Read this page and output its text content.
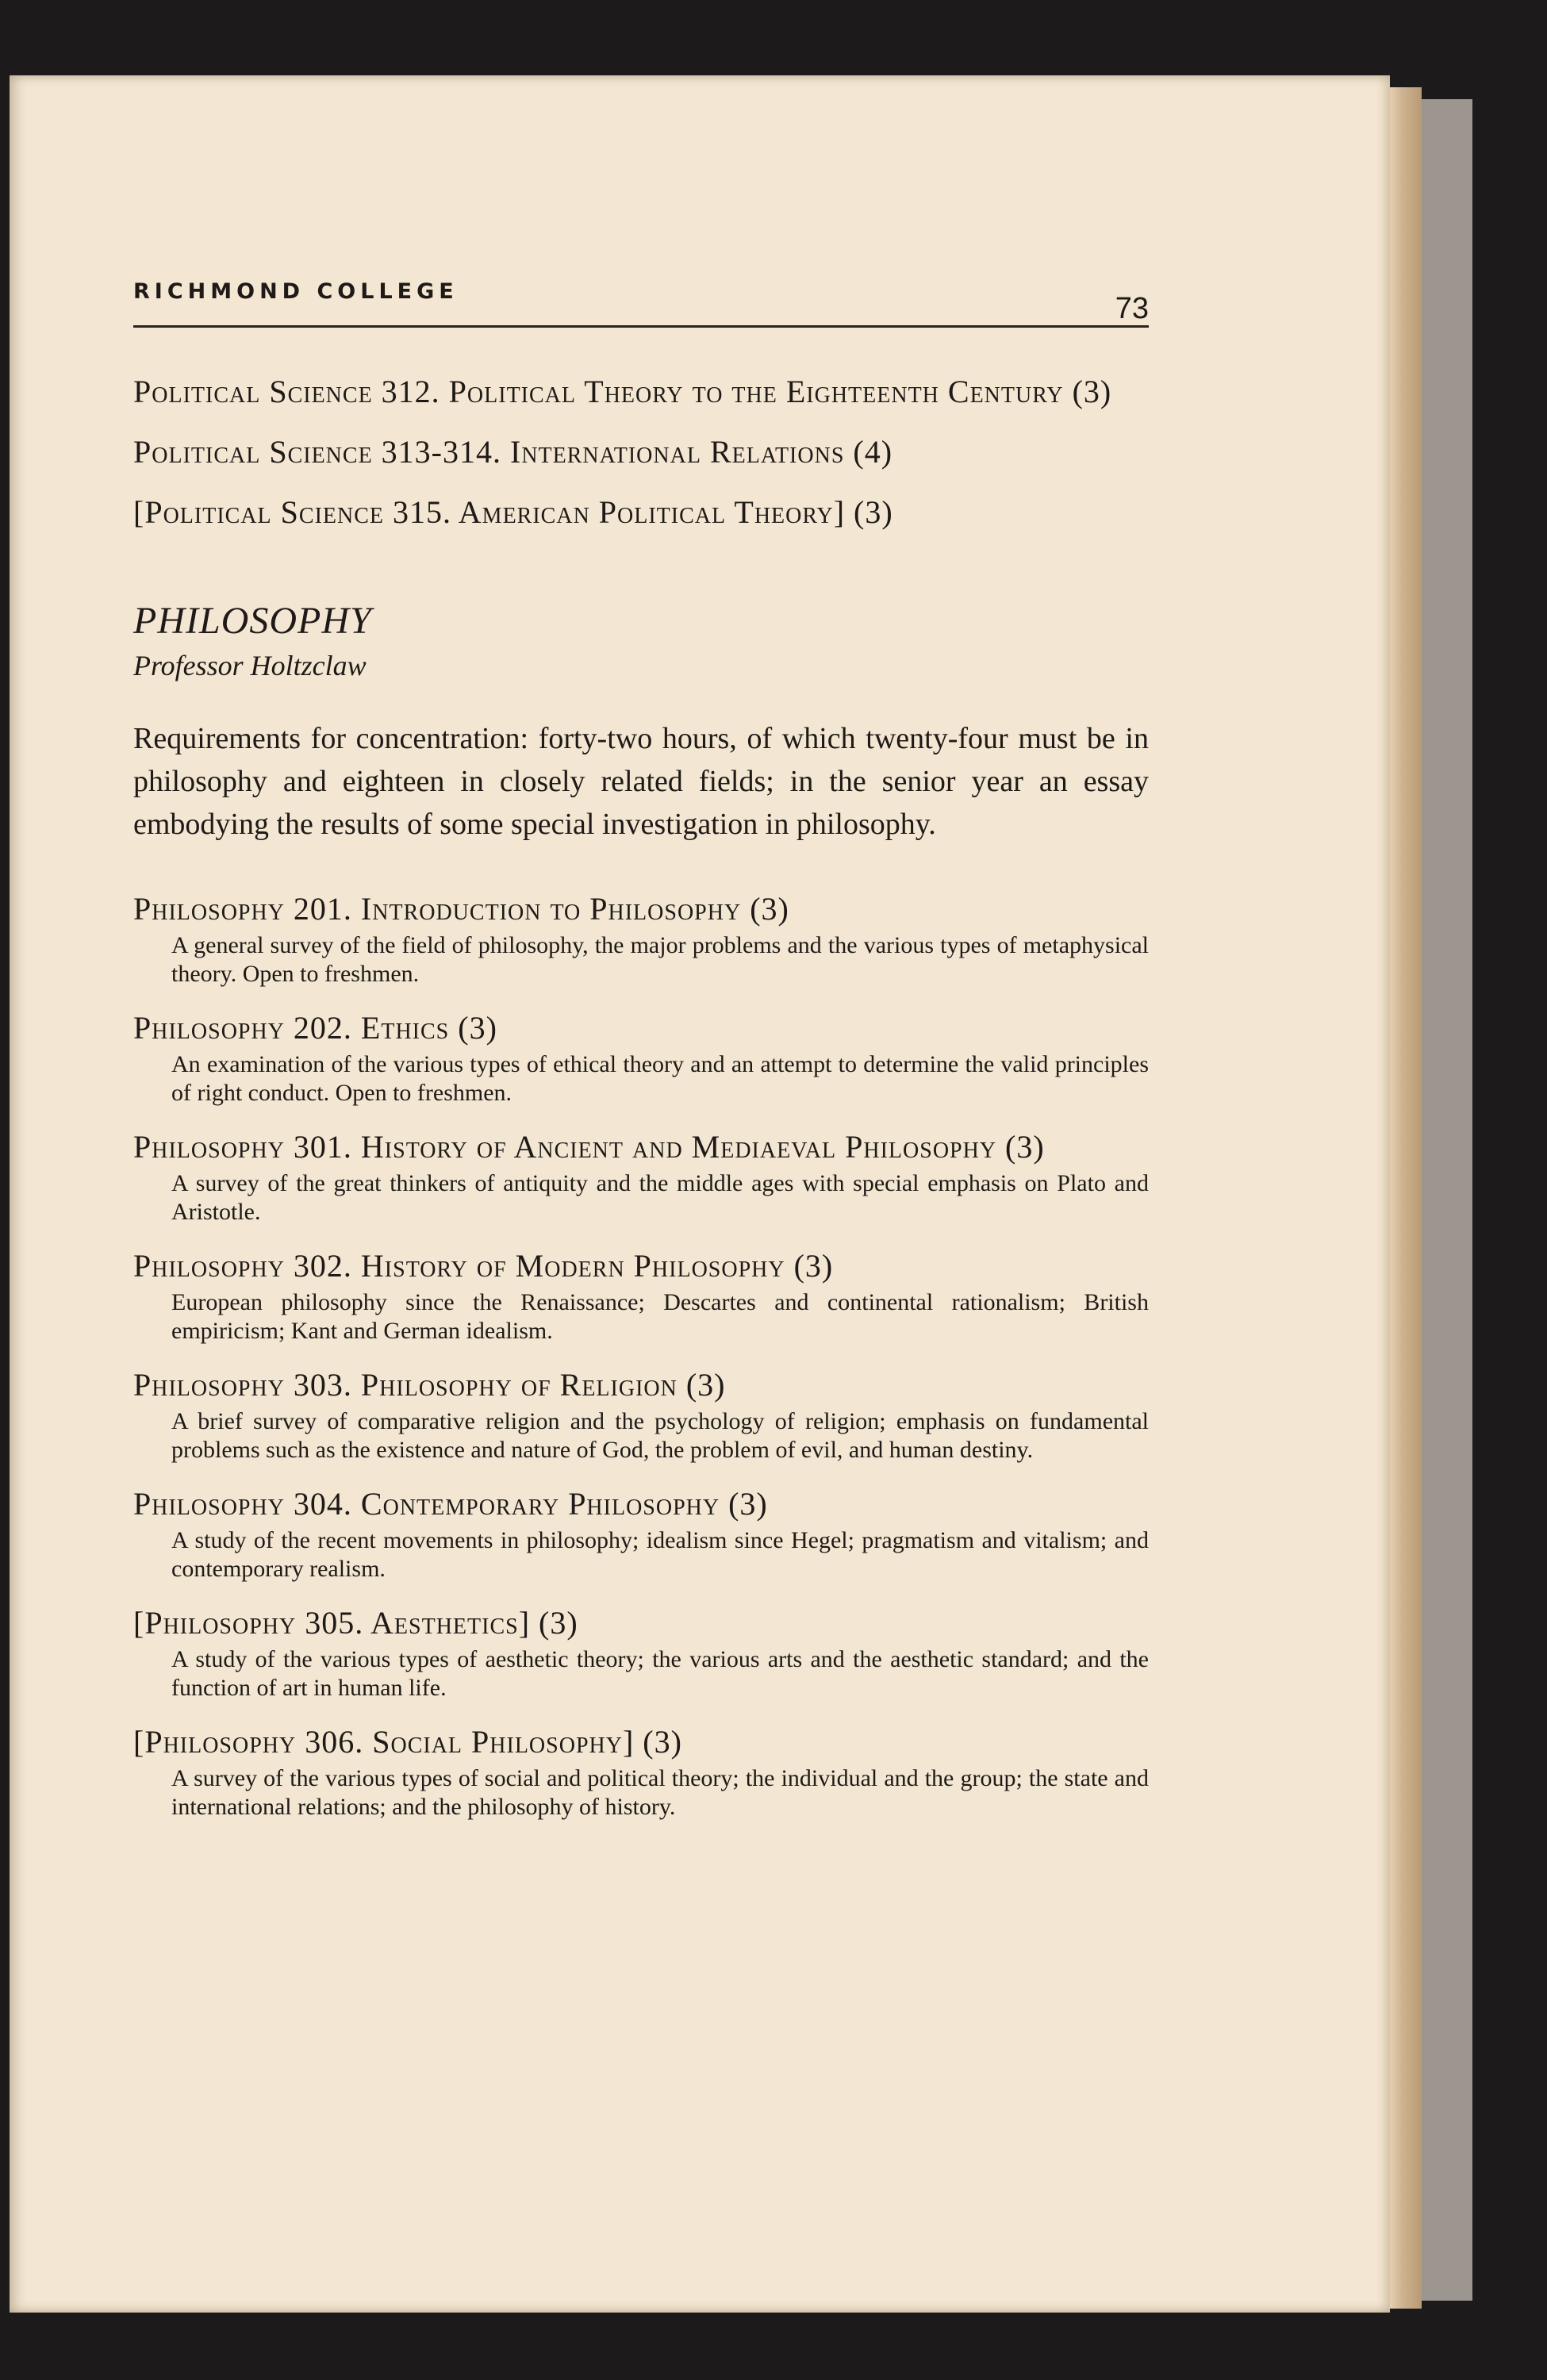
RICHMOND COLLEGE
73
Political Science 312. Political Theory to the Eighteenth Century (3)
Political Science 313-314. International Relations (4)
[Political Science 315. American Political Theory] (3)
PHILOSOPHY
Professor Holtzclaw
Requirements for concentration: forty-two hours, of which twenty-four must be in philosophy and eighteen in closely related fields; in the senior year an essay embodying the results of some special investigation in philosophy.
Philosophy 201. Introduction to Philosophy (3)
A general survey of the field of philosophy, the major problems and the various types of metaphysical theory. Open to freshmen.
Philosophy 202. Ethics (3)
An examination of the various types of ethical theory and an attempt to determine the valid principles of right conduct. Open to freshmen.
Philosophy 301. History of Ancient and Mediaeval Philosophy (3)
A survey of the great thinkers of antiquity and the middle ages with special emphasis on Plato and Aristotle.
Philosophy 302. History of Modern Philosophy (3)
European philosophy since the Renaissance; Descartes and continental rationalism; British empiricism; Kant and German idealism.
Philosophy 303. Philosophy of Religion (3)
A brief survey of comparative religion and the psychology of religion; emphasis on fundamental problems such as the existence and nature of God, the problem of evil, and human destiny.
Philosophy 304. Contemporary Philosophy (3)
A study of the recent movements in philosophy; idealism since Hegel; pragmatism and vitalism; and contemporary realism.
[Philosophy 305. Aesthetics] (3)
A study of the various types of aesthetic theory; the various arts and the aesthetic standard; and the function of art in human life.
[Philosophy 306. Social Philosophy] (3)
A survey of the various types of social and political theory; the individual and the group; the state and international relations; and the philosophy of history.
